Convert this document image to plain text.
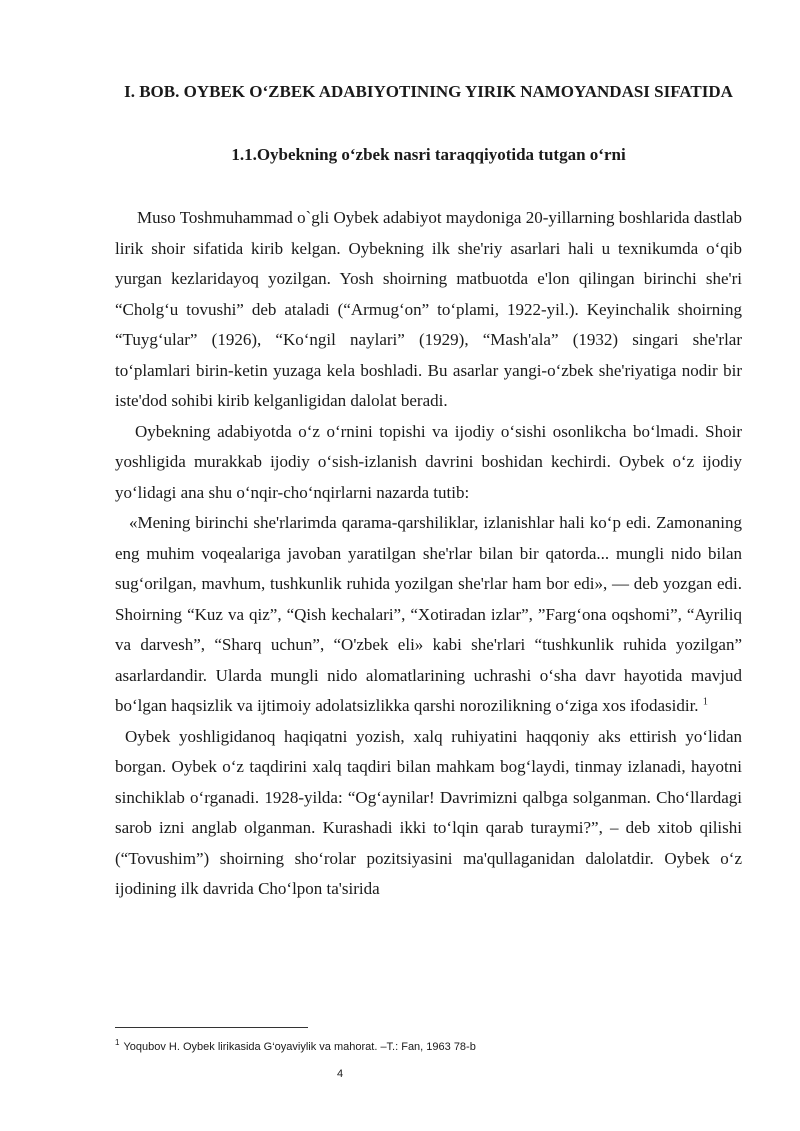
I. BOB. OYBEK O‘ZBEK ADABIYOTINING YIRIK NAMOYANDASI SIFATIDA
1.1.Oybekning o‘zbek nasri taraqqiyotida tutgan o‘rni

Muso Toshmuhammad o`gli Oybek adabiyot maydoniga 20-yillarning boshlarida dastlab lirik shoir sifatida kirib kelgan. Oybekning ilk she'riy asarlari hali u texnikumda o‘qib yurgan kezlaridayoq yozilgan. Yosh shoirning matbuotda e'lon qilingan birinchi she'ri “Cholg‘u tovushi” deb ataladi (“Armug‘on” to‘plami, 1922-yil.). Keyinchalik shoirning “Tuyg‘ular” (1926), “Ko‘ngil naylari” (1929), “Mash'ala” (1932) singari she'rlar to‘plamlari birin-ketin yuzaga kela boshladi. Bu asarlar yangi-o‘zbek she'riyatiga nodir bir iste'dod sohibi kirib kelganligidan dalolat beradi.

Oybekning adabiyotda o‘z o‘rnini topishi va ijodiy o‘sishi osonlikcha bo‘lmadi. Shoir yoshligida murakkab ijodiy o‘sish-izlanish davrini boshidan kechirdi. Oybek o‘z ijodiy yo‘lidagi ana shu o‘nqir-cho‘nqirlarni nazarda tutib:

«Mening birinchi she'rlarimda qarama-qarshiliklar, izlanishlar hali ko‘p edi. Zamonaning eng muhim voqealariga javoban yaratilgan she'rlar bilan bir qatorda... mungli nido bilan sug‘orilgan, mavhum, tushkunlik ruhida yozilgan she'rlar ham bor edi», — deb yozgan edi. Shoirning “Kuz va qiz”, “Qish kechalari”, “Xotiradan izlar”, ”Farg‘ona oqshomi”, “Ayriliq va darvesh”, “Sharq uchun”, “O'zbek eli» kabi she'rlari “tushkunlik ruhida yozilgan” asarlardandir. Ularda mungli nido alomatlarining uchrashi o‘sha davr hayotida mavjud bo‘lgan haqsizlik va ijtimoiy adolatsizlikka qarshi norozilikning o‘ziga xos ifodasidir. $^1$

Oybek yoshligidanoq haqiqatni yozish, xalq ruhiyatini haqqoniy aks ettirish yo‘lidan borgan. Oybek o‘z taqdirini xalq taqdiri bilan mahkam bog‘laydi, tinmay izlanadi, hayotni sinchiklab o‘rganadi. 1928-yilda: “Og‘aynilar! Davrimizni qalbga solganman. Cho‘llardagi sarob izni anglab olganman. Kurashadi ikki to‘lqin qarab turaymi?”, – deb xitob qilishi (“Tovushim”) shoirning sho‘rolar pozitsiyasini ma'qullaganidan dalolatdir. Oybek o‘z ijodining ilk davrida Cho‘lpon ta'sirida

$^1$ Yoqubov H. Oybek lirikasida G‘oyaviylik va mahorat. –T.: Fan, 1963 78-b
4
